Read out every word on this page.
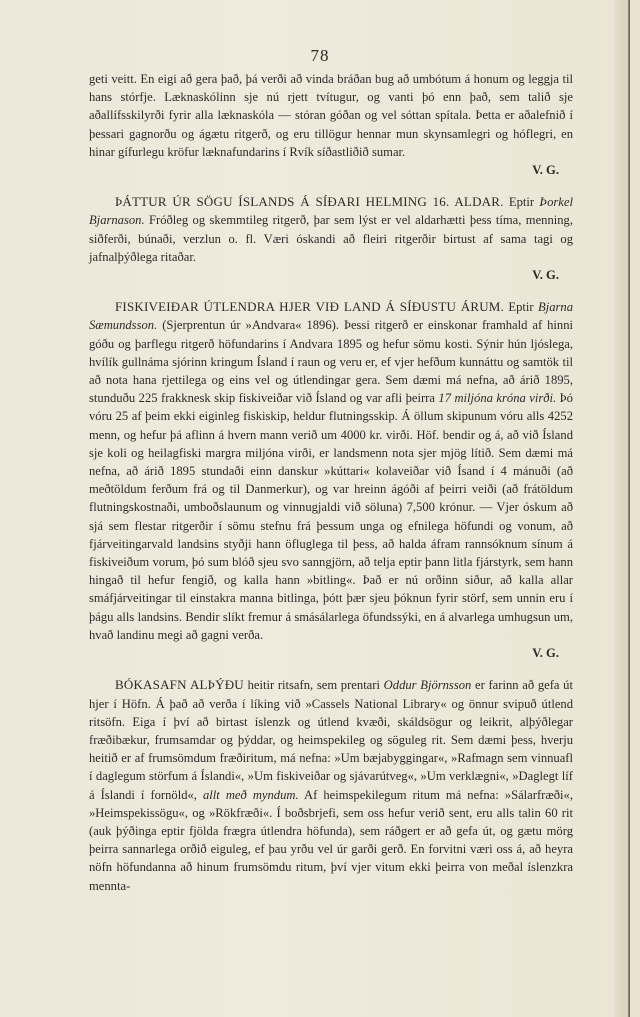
78

geti veitt. En eigi að gera það, þá verði að vinda bráðan bug að umbótum á honum og leggja til hans stórfje. Læknaskólinn sje nú rjett tvítugur, og vanti þó enn það, sem talið sje aðallífsskilyrði fyrir alla læknaskóla — stóran góðan og vel sóttan spítala. Þetta er aðalefnið í þessari gagnorðu og ágætu ritgerð, og eru tillögur hennar mun skynsamlegri og hóflegri, en hinar gífurlegu kröfur læknafundarins í Rvík síðastliðið sumar.
V. G.

ÞÁTTUR ÚR SÖGU ÍSLANDS Á SÍÐARI HELMING 16. ALDAR. Eptir Þorkel Bjarnason. Fróðleg og skemmtileg ritgerð, þar sem lýst er vel aldarhætti þess tíma, menning, siðferði, búnaði, verzlun o. fl. Væri óskandi að fleiri ritgerðir birtust af sama tagi og jafnalþýðlega ritaðar.
V. G.

FISKIVEIÐAR ÚTLENDRA HJER VIÐ LAND Á SÍÐUSTU ÁRUM. Eptir Bjarna Sæmundsson. (Sjerprentun úr »Andvara« 1896). Þessi ritgerð er einskonar framhald af hinni góðu og þarflegu ritgerð höfundarins í Andvara 1895 og hefur sömu kosti. Sýnir hún ljóslega, hvílík gullnáma sjórinn kringum Ísland í raun og veru er, ef vjer hefðum kunnáttu og samtök til að nota hana rjettilega og eins vel og útlendingar gera. Sem dæmi má nefna, að árið 1895, stunduðu 225 frakknesk skip fiskiveiðar við Ísland og var afli þeirra 17 miljóna króna virði. Þó vóru 25 af þeim ekki eiginleg fiskiskip, heldur flutningsskip. Á öllum skipunum vóru alls 4252 menn, og hefur þá aflinn á hvern mann verið um 4000 kr. virði. Höf. bendir og á, að við Ísland sje koli og heilagfiski margra miljóna virði, er landsmenn nota sjer mjög lítið. Sem dæmi má nefna, að árið 1895 stundaði einn danskur »kúttari« kolaveiðar við Ísand í 4 mánuði (að meðtöldum ferðum frá og til Danmerkur), og var hreinn ágóði af þeirri veiði (að frátöldum flutningskostnaði, umboðslaunum og vinnugjaldi við söluna) 7,500 krónur. — Vjer óskum að sjá sem flestar ritgerðir í sömu stefnu frá þessum unga og efnilega höfundi og vonum, að fjárveitingarvald landsins styðji hann öfluglega til þess, að halda áfram rannsóknum sínum á fiskiveiðum vorum, þó sum blóð sjeu svo sanngjörn, að telja eptir þann litla fjárstyrk, sem hann hingað til hefur fengið, og kalla hann »bitling«. Það er nú orðinn siður, að kalla allar smáfjárveitingar til einstakra manna bitlinga, þótt þær sjeu þóknun fyrir störf, sem unnin eru í þágu alls landsins. Bendir slíkt fremur á smásálarlega öfundssýki, en á alvarlega umhugsun um, hvað landinu megi að gagni verða.
V. G.

BÓKASAFN ALÞÝÐU heitir ritsafn, sem prentari Oddur Björnsson er farinn að gefa út hjer í Höfn. Á það að verða í líking við »Cassels National Library« og önnur svipuð útlend ritsöfn. Eiga í því að birtast íslenzk og útlend kvæði, skáldsögur og leikrit, alþýðlegar fræðibækur, frumsamdar og þýddar, og heimspekileg og söguleg rit. Sem dæmi þess, hverju heitið er af frumsömdum fræðiritum, má nefna: »Um bæjabyggingar«, »Rafmagn sem vinnuafl í daglegum störfum á Íslandi«, »Um fiskiveiðar og sjávarútveg«, »Um verklægni«, »Daglegt líf á Íslandi í fornöld«, allt með myndum. Af heimspekilegum ritum má nefna: »Sálarfræði«, »Heimspekissögu«, og »Rökfræði«. Í boðsbrjefi, sem oss hefur verið sent, eru alls talin 60 rit (auk þýðinga eptir fjölda frægra útlendra höfunda), sem ráðgert er að gefa út, og gætu mörg þeirra sannarlega orðið eiguleg, ef þau yrðu vel úr garði gerð. En forvitni væri oss á, að heyra nöfn höfundanna að hinum frumsömdu ritum, því vjer vitum ekki þeirra von meðal íslenzkra mennta-
